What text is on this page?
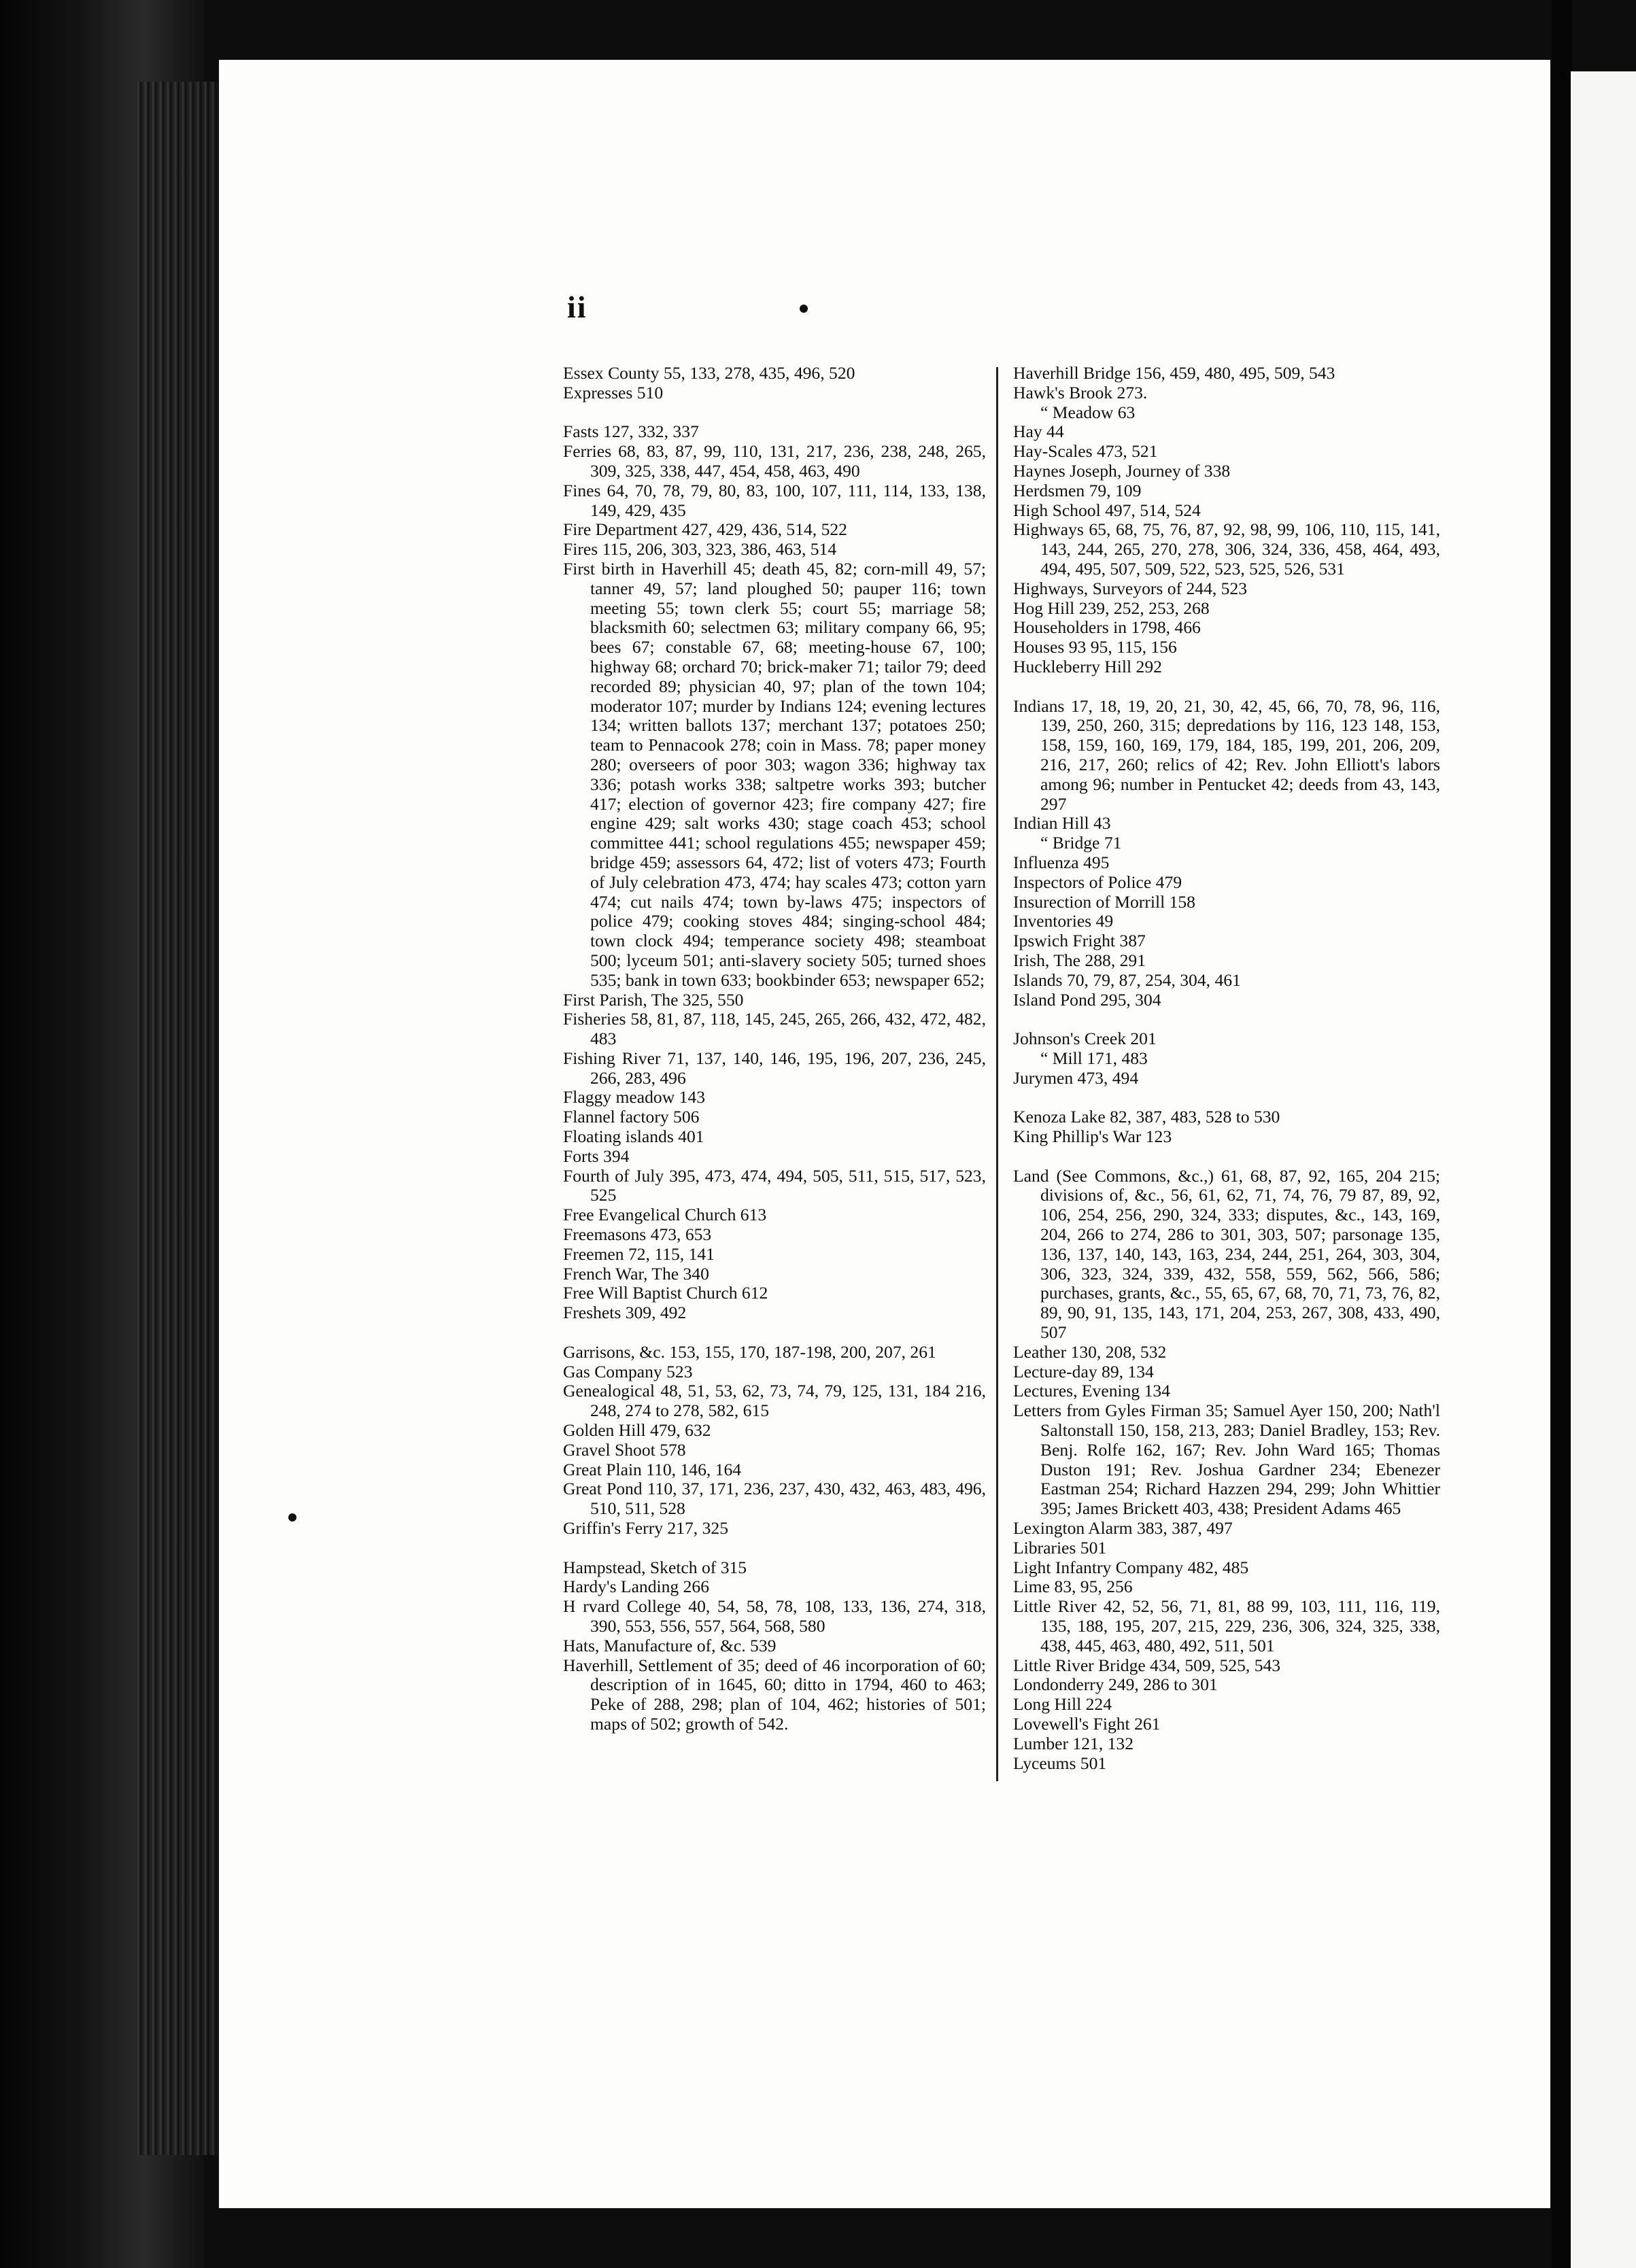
ii
Essex County 55, 133, 278, 435, 496, 520
Expresses 510
Fasts 127, 332, 337
Ferries 68, 83, 87, 99, 110, 131, 217, 236, 238, 248, 265, 309, 325, 338, 447, 454, 458, 463, 490
Fines 64, 70, 78, 79, 80, 83, 100, 107, 111, 114, 133, 138, 149, 429, 435
Fire Department 427, 429, 436, 514, 522
Fires 115, 206, 303, 323, 386, 463, 514
First birth in Haverhill 45; death 45, 82; corn-mill 49, 57; tanner 49, 57; land ploughed 50; pauper 116; town meeting 55; town clerk 55; court 55; marriage 58; blacksmith 60; selectmen 63; military company 66, 95; bees 67; constable 67, 68; meeting-house 67, 100; highway 68; orchard 70; brick-maker 71; tailor 79; deed recorded 89; physician 40, 97; plan of the town 104; moderator 107; murder by Indians 124; evening lectures 134; written ballots 137; merchant 137; potatoes 250; team to Pennacook 278; coin in Mass. 78; paper money 280; overseers of poor 303; wagon 336; highway tax 336; potash works 338; saltpetre works 393; butcher 417; election of governor 423; fire company 427; fire engine 429; salt works 430; stage coach 453; school committee 441; school regulations 455; newspaper 459; bridge 459; assessors 64, 472; list of voters 473; Fourth of July celebration 473, 474; hay scales 473; cotton yarn 474; cut nails 474; town by-laws 475; inspectors of police 479; cooking stoves 484; singing-school 484; town clock 494; temperance society 498; steamboat 500; lyceum 501; anti-slavery society 505; turned shoes 535; bank in town 633; bookbinder 653; newspaper 652;
First Parish, The 325, 550
Fisheries 58, 81, 87, 118, 145, 245, 265, 266, 432, 472, 482, 483
Fishing River 71, 137, 140, 146, 195, 196, 207, 236, 245, 266, 283, 496
Flaggy meadow 143
Flannel factory 506
Floating islands 401
Forts 394
Fourth of July 395, 473, 474, 494, 505, 511, 515, 517, 523, 525
Free Evangelical Church 613
Freemasons 473, 653
Freemen 72, 115, 141
French War, The 340
Free Will Baptist Church 612
Freshets 309, 492
Garrisons, &c. 153, 155, 170, 187-198, 200, 207, 261
Gas Company 523
Genealogical 48, 51, 53, 62, 73, 74, 79, 125, 131, 184 216, 248, 274 to 278, 582, 615
Golden Hill 479, 632
Gravel Shoot 578
Great Plain 110, 146, 164
Great Pond 110, 37, 171, 236, 237, 430, 432, 463, 483, 496, 510, 511, 528
Griffin's Ferry 217, 325
Hampstead, Sketch of 315
Hardy's Landing 266
H rvard College 40, 54, 58, 78, 108, 133, 136, 274, 318, 390, 553, 556, 557, 564, 568, 580
Hats, Manufacture of, &c. 539
Haverhill, Settlement of 35; deed of 46 incorporation of 60; description of in 1645, 60; ditto in 1794, 460 to 463; Peke of 288, 298; plan of 104, 462; histories of 501; maps of 502; growth of 542.
Haverhill Bridge 156, 459, 480, 495, 509, 543
Hawk's Brook 273.
“ Meadow 63
Hay 44
Hay-Scales 473, 521
Haynes Joseph, Journey of 338
Herdsmen 79, 109
High School 497, 514, 524
Highways 65, 68, 75, 76, 87, 92, 98, 99, 106, 110, 115, 141, 143, 244, 265, 270, 278, 306, 324, 336, 458, 464, 493, 494, 495, 507, 509, 522, 523, 525, 526, 531
Highways, Surveyors of 244, 523
Hog Hill 239, 252, 253, 268
Householders in 1798, 466
Houses 93 95, 115, 156
Huckleberry Hill 292
Indians 17, 18, 19, 20, 21, 30, 42, 45, 66, 70, 78, 96, 116, 139, 250, 260, 315; depredations by 116, 123 148, 153, 158, 159, 160, 169, 179, 184, 185, 199, 201, 206, 209, 216, 217, 260; relics of 42; Rev. John Elliott's labors among 96; number in Pentucket 42; deeds from 43, 143, 297
Indian Hill 43
“ Bridge 71
Influenza 495
Inspectors of Police 479
Insurection of Morrill 158
Inventories 49
Ipswich Fright 387
Irish, The 288, 291
Islands 70, 79, 87, 254, 304, 461
Island Pond 295, 304
Johnson's Creek 201
“ Mill 171, 483
Jurymen 473, 494
Kenoza Lake 82, 387, 483, 528 to 530
King Phillip's War 123
Land (See Commons, &c.,) 61, 68, 87, 92, 165, 204 215; divisions of, &c., 56, 61, 62, 71, 74, 76, 79 87, 89, 92, 106, 254, 256, 290, 324, 333; disputes, &c., 143, 169, 204, 266 to 274, 286 to 301, 303, 507; parsonage 135, 136, 137, 140, 143, 163, 234, 244, 251, 264, 303, 304, 306, 323, 324, 339, 432, 558, 559, 562, 566, 586; purchases, grants, &c., 55, 65, 67, 68, 70, 71, 73, 76, 82, 89, 90, 91, 135, 143, 171, 204, 253, 267, 308, 433, 490, 507
Leather 130, 208, 532
Lecture-day 89, 134
Lectures, Evening 134
Letters from Gyles Firman 35; Samuel Ayer 150, 200; Nath'l Saltonstall 150, 158, 213, 283; Daniel Bradley, 153; Rev. Benj. Rolfe 162, 167; Rev. John Ward 165; Thomas Duston 191; Rev. Joshua Gardner 234; Ebenezer Eastman 254; Richard Hazzen 294, 299; John Whittier 395; James Brickett 403, 438; President Adams 465
Lexington Alarm 383, 387, 497
Libraries 501
Light Infantry Company 482, 485
Lime 83, 95, 256
Little River 42, 52, 56, 71, 81, 88 99, 103, 111, 116, 119, 135, 188, 195, 207, 215, 229, 236, 306, 324, 325, 338, 438, 445, 463, 480, 492, 511, 501
Little River Bridge 434, 509, 525, 543
Londonderry 249, 286 to 301
Long Hill 224
Lovewell's Fight 261
Lumber 121, 132
Lyceums 501
